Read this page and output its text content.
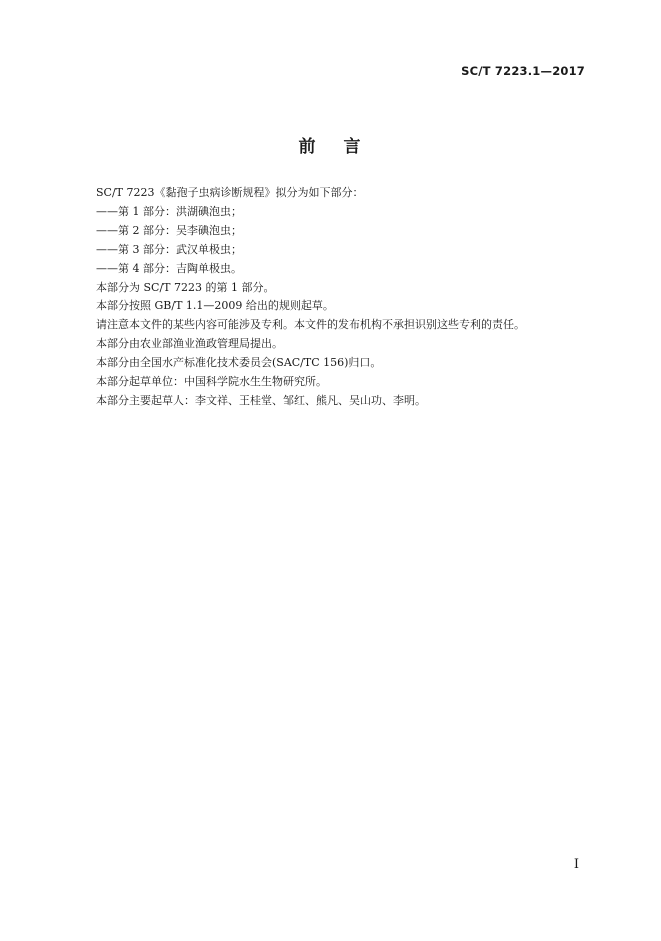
SC/T 7223.1—2017
前 言
SC/T 7223《黏孢子虫病诊断规程》拟分为如下部分：
——第 1 部分：洪湖碘泡虫；
——第 2 部分：吴李碘泡虫；
——第 3 部分：武汉单极虫；
——第 4 部分：吉陶单极虫。
本部分为 SC/T 7223 的第 1 部分。
本部分按照 GB/T 1.1—2009 给出的规则起草。
请注意本文件的某些内容可能涉及专利。本文件的发布机构不承担识别这些专利的责任。
本部分由农业部渔业渔政管理局提出。
本部分由全国水产标准化技术委员会(SAC/TC 156)归口。
本部分起草单位：中国科学院水生生物研究所。
本部分主要起草人：李文祥、王桂堂、邹红、熊凡、吴山功、李明。
I
